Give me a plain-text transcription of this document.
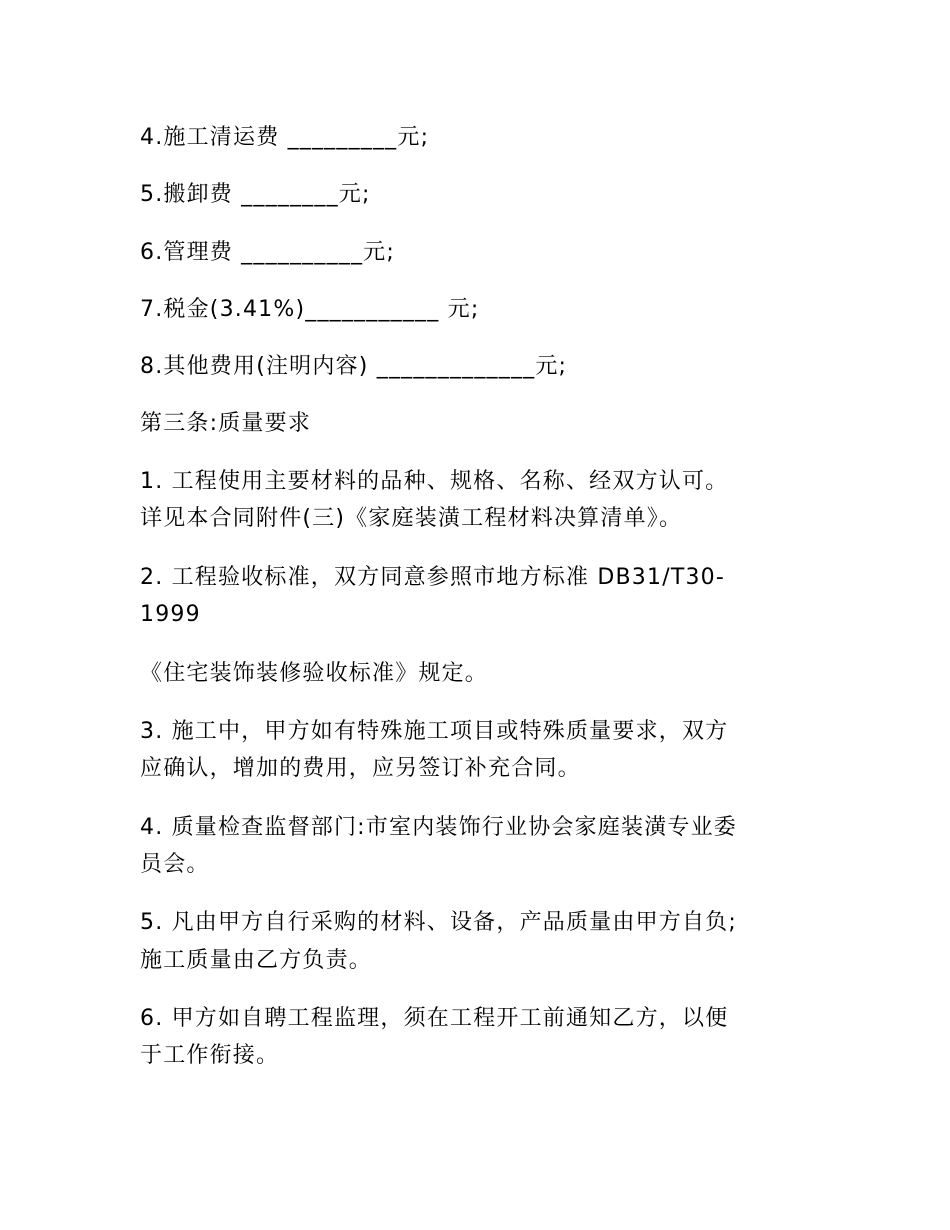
4.施工清运费 _________元;

5.搬卸费 ________元;

6.管理费 __________元;

7.税金(3.41%)___________ 元;

8.其他费用(注明内容) _____________元;

第三条:质量要求

1. 工程使用主要材料的品种、规格、名称、经双方认可。

详见本合同附件(三)《家庭装潢工程材料决算清单》。

2. 工程验收标准，双方同意参照市地方标准 DB31/T30-

1999

《住宅装饰装修验收标准》规定。

3. 施工中，甲方如有特殊施工项目或特殊质量要求，双方

应确认，增加的费用，应另签订补充合同。

4. 质量检查监督部门:市室内装饰行业协会家庭装潢专业委

员会。

5. 凡由甲方自行采购的材料、设备，产品质量由甲方自负;

施工质量由乙方负责。

6. 甲方如自聘工程监理，须在工程开工前通知乙方，以便

于工作衔接。
